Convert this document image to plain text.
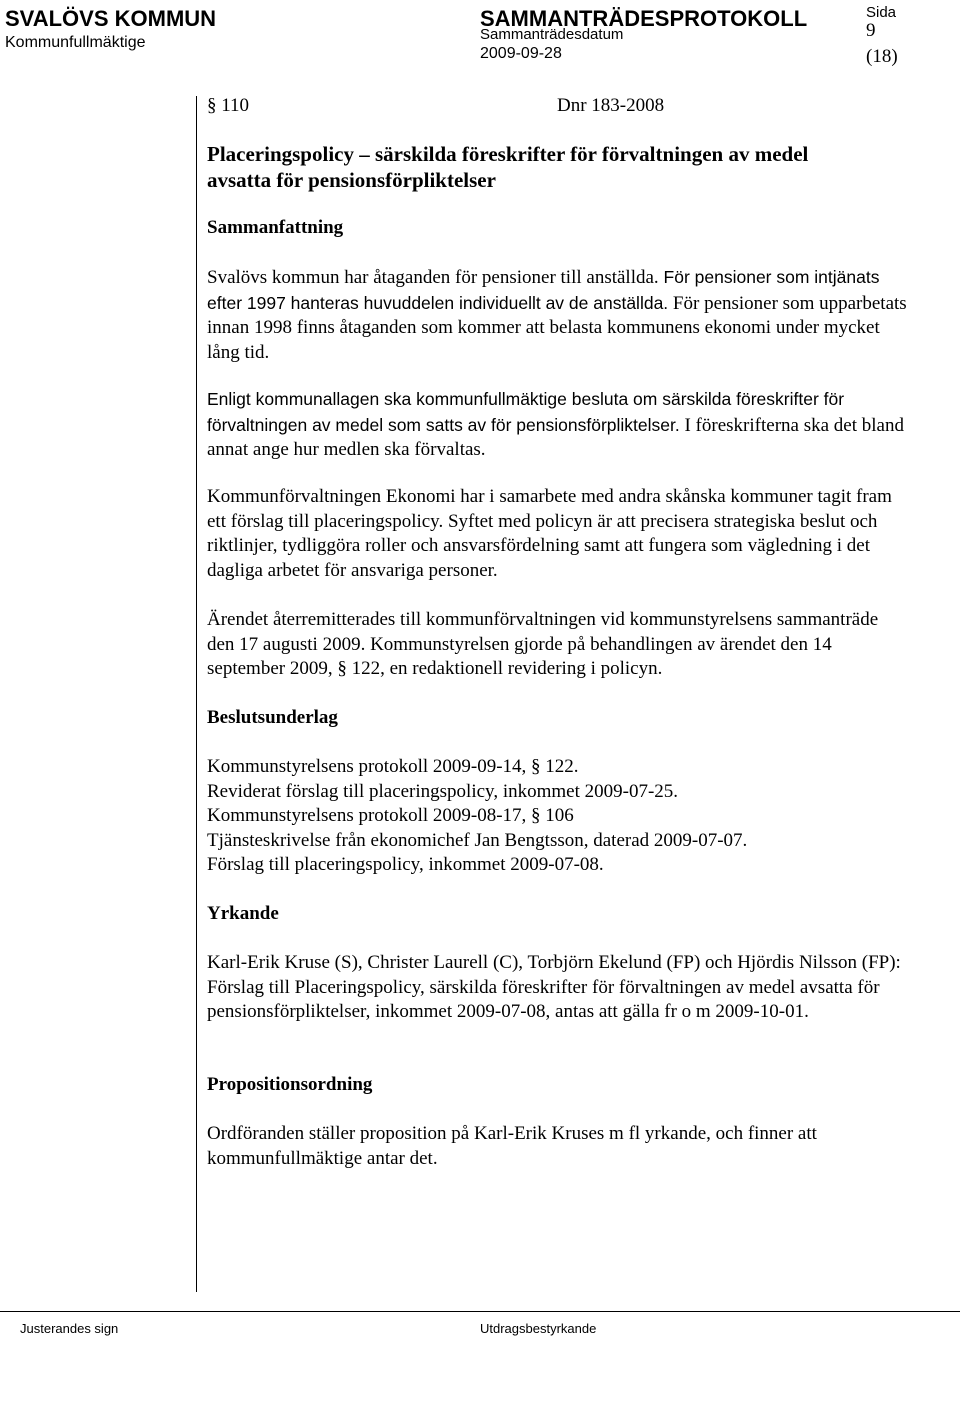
SVALÖVS KOMMUN
Kommunfullmäktige
SAMMANTRÄDESPROTOKOLL
Sammanträdesdatum
2009-09-28
Sida
9
(18)
§ 110	Dnr 183-2008
Placeringspolicy – särskilda föreskrifter för förvaltningen av medel
avsatta för pensionsförpliktelser
Sammanfattning

Svalövs kommun har åtaganden för pensioner till anställda. För pensioner som intjänats efter 1997 hanteras huvuddelen individuellt av de anställda. För pensioner som upparbetats innan 1998 finns åtaganden som kommer att belasta kommunens ekonomi under mycket lång tid.

Enligt kommunallagen ska kommunfullmäktige besluta om särskilda föreskrifter för förvaltningen av medel som satts av för pensionsförpliktelser. I föreskrifterna ska det bland annat ange hur medlen ska förvaltas.

Kommunförvaltningen Ekonomi har i samarbete med andra skånska kommuner tagit fram ett förslag till placeringspolicy. Syftet med policyn är att precisera strategiska beslut och riktlinjer, tydliggöra roller och ansvarsfördelning samt att fungera som vägledning i det dagliga arbetet för ansvariga personer.
Ärendet återremitterades till kommunförvaltningen vid kommunstyrelsens sammanträde den 17 augusti 2009. Kommunstyrelsen gjorde på behandlingen av ärendet den 14 september 2009, § 122, en redaktionell revidering i policyn.
Beslutsunderlag
Kommunstyrelsens protokoll 2009-09-14, § 122.
Reviderat förslag till placeringspolicy, inkommet 2009-07-25.
Kommunstyrelsens protokoll 2009-08-17, § 106
Tjänsteskrivelse från ekonomichef Jan Bengtsson, daterad 2009-07-07.
Förslag till placeringspolicy, inkommet 2009-07-08.
Yrkande
Karl-Erik Kruse (S), Christer Laurell (C), Torbjörn Ekelund (FP) och Hjördis Nilsson (FP): Förslag till Placeringspolicy, särskilda föreskrifter för förvaltningen av medel avsatta för pensionsförpliktelser, inkommet 2009-07-08, antas att gälla fr o m 2009-10-01.
Propositionsordning
Ordföranden ställer proposition på Karl-Erik Kruses m fl yrkande, och finner att kommunfullmäktige antar det.
Justerandes sign	Utdragsbestyrkande
